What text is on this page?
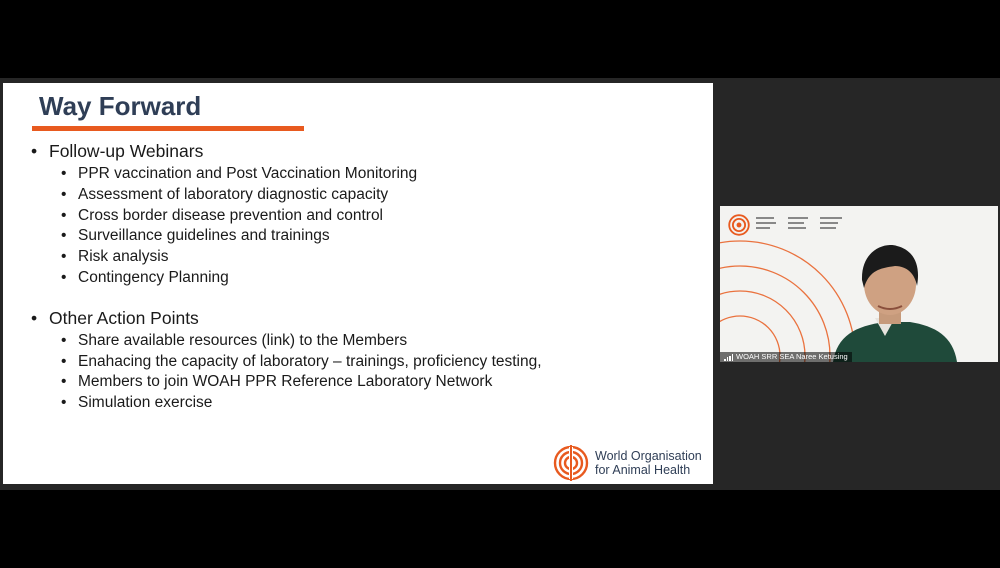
Way Forward
• Follow-up Webinars
• PPR vaccination and Post Vaccination Monitoring
• Assessment of laboratory diagnostic capacity
• Cross border disease prevention and control
• Surveillance guidelines and trainings
• Risk analysis
• Contingency Planning
• Other Action Points
• Share available resources (link) to the Members
• Enahacing the capacity of laboratory – trainings, proficiency testing,
• Members to join WOAH PPR Reference Laboratory Network
• Simulation exercise
World Organisation
for Animal Health
WOAH SRR SEA Naree Ketusing
